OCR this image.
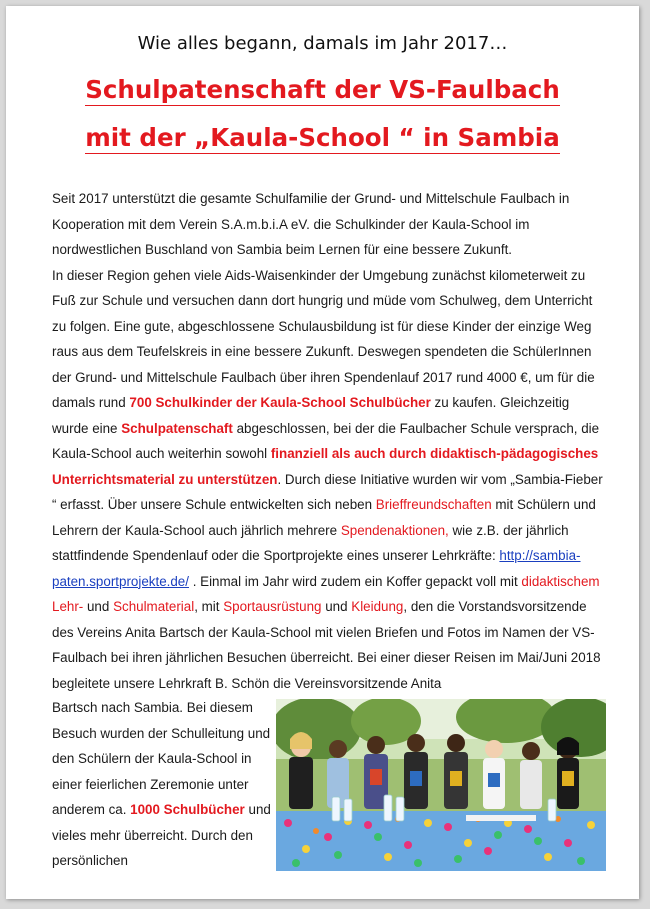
Wie alles begann, damals im Jahr 2017…
Schulpatenschaft der VS-Faulbach
mit der „Kaula-School “ in Sambia

Seit 2017 unterstützt die gesamte Schulfamilie der Grund- und Mittelschule Faulbach in Kooperation mit dem Verein S.A.m.b.i.A eV. die Schulkinder der Kaula-School im nordwestlichen Buschland von Sambia beim Lernen für eine bessere Zukunft.

In dieser Region gehen viele Aids-Waisenkinder der Umgebung zunächst kilometerweit zu Fuß zur Schule und versuchen dann dort hungrig und müde vom Schulweg, dem Unterricht zu folgen. Eine gute, abgeschlossene Schulausbildung ist für diese Kinder der einzige Weg raus aus dem Teufelskreis in eine bessere Zukunft. Deswegen spendeten die SchülerInnen der Grund- und Mittelschule Faulbach über ihren Spendenlauf 2017 rund 4000 €, um für die damals rund 700 Schulkinder der Kaula-School Schulbücher zu kaufen. Gleichzeitig wurde eine Schulpatenschaft abgeschlossen, bei der die Faulbacher Schule versprach, die Kaula-School auch weiterhin sowohl finanziell als auch durch didaktisch-pädagogisches Unterrichtsmaterial zu unterstützen. Durch diese Initiative wurden wir vom „Sambia-Fieber “ erfasst. Über unsere Schule entwickelten sich neben Brieffreundschaften mit Schülern und Lehrern der Kaula-School auch jährlich mehrere Spendenaktionen, wie z.B. der jährlich stattfindende Spendenlauf oder die Sportprojekte eines unserer Lehrkräfte: http://sambia-paten.sportprojekte.de/ . Einmal im Jahr wird zudem ein Koffer gepackt voll mit didaktischem Lehr- und Schulmaterial, mit Sportausrüstung und Kleidung, den die Vorstandsvorsitzende des Vereins Anita Bartsch der Kaula-School mit vielen Briefen und Fotos im Namen der VS- Faulbach bei ihren jährlichen Besuchen überreicht. Bei einer dieser Reisen im Mai/Juni 2018 begleitete unsere Lehrkraft B. Schön die Vereinsvorsitzende Anita

Bartsch nach Sambia. Bei diesem Besuch wurden der Schulleitung und den Schülern der Kaula-School in einer feierlichen Zeremonie unter anderem ca. 1000 Schulbücher und vieles mehr überreicht. Durch den persönlichen
